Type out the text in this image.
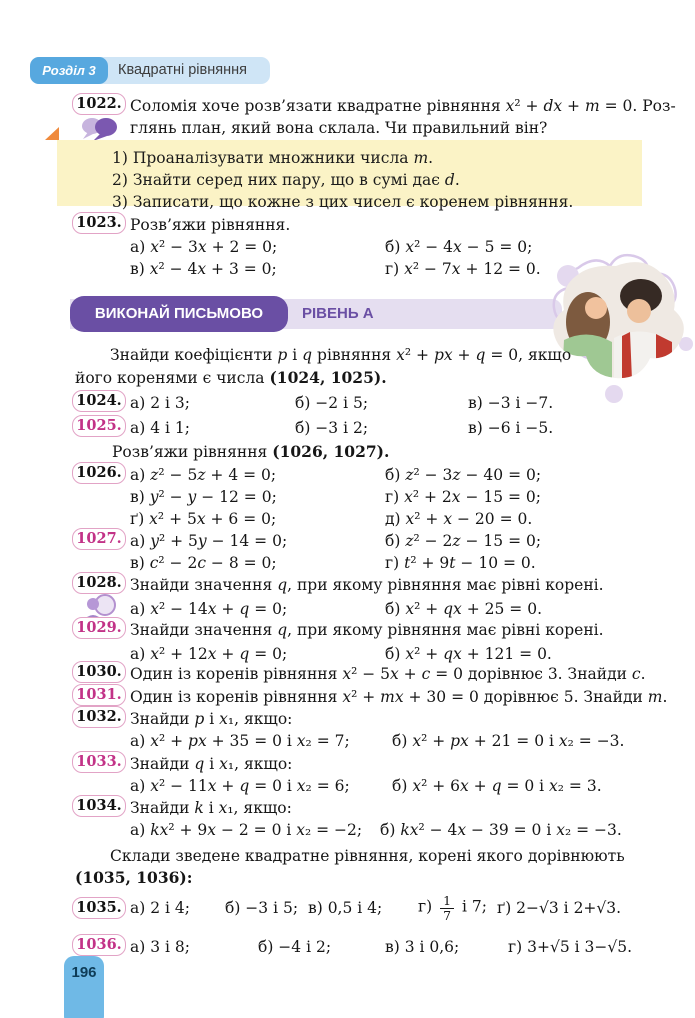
Розділ 3	Квадратні рівняння
1022. Соломія хоче розв’язати квадратне рівняння x² + dx + m = 0. Роз-
глянь план, який вона склала. Чи правильний він?

1) Проаналізувати множники числа m.

2) Знайти серед них пару, що в сумі дає d.

3) Записати, що кожне з цих чисел є коренем рівняння.

1023. Розв’яжи рівняння.
а) x² − 3x + 2 = 0;	б) x² − 4x − 5 = 0;
в) x² − 4x + 3 = 0;	г) x² − 7x + 12 = 0.
ВИКОНАЙ ПИСЬМОВО	РІВЕНЬ А
Знайди коефіцієнти p і q рівняння x² + px + q = 0, якщо
його коренями є числа (1024, 1025).
1024. а) 2 і 3;	б) −2 і 5;	в) −3 і −7.
1025. а) 4 і 1;	б) −3 і 2;	в) −6 і −5.
Розв’яжи рівняння (1026, 1027).
1026. а) z² − 5z + 4 = 0;	б) z² − 3z − 40 = 0;
в) y² − y − 12 = 0;	г) x² + 2x − 15 = 0;
ґ) x² + 5x + 6 = 0;	д) x² + x − 20 = 0.
1027. а) y² + 5y − 14 = 0;	б) z² − 2z − 15 = 0;
в) c² − 2c − 8 = 0;	г) t² + 9t − 10 = 0.
1028. Знайди значення q, при якому рівняння має рівні корені.
а) x² − 14x + q = 0;	б) x² + qx + 25 = 0.
1029. Знайди значення q, при якому рівняння має рівні корені.
а) x² + 12x + q = 0;	б) x² + qx + 121 = 0.
1030. Один із коренів рівняння x² − 5x + c = 0 дорівнює 3. Знайди c.
1031. Один із коренів рівняння x² + mx + 30 = 0 дорівнює 5. Знайди m.
1032. Знайди p і x₁, якщо:
а) x² + px + 35 = 0 і x₂ = 7;	б) x² + px + 21 = 0 і x₂ = −3.
1033. Знайди q і x₁, якщо:
а) x² − 11x + q = 0 і x₂ = 6;	б) x² + 6x + q = 0 і x₂ = 3.
1034. Знайди k і x₁, якщо:
а) kx² + 9x − 2 = 0 і x₂ = −2;	б) kx² − 4x − 39 = 0 і x₂ = −3.
Склади зведене квадратне рівняння, корені якого дорівнюють
(1035, 1036):
1035. а) 2 і 4;	б) −3 і 5; в) 0,5 і 4;	$г) \frac{1}{7}$ і 7; ґ) 2−√3 і 2+√3.
1036. а) 3 і 8;	б) −4 і 2;	в) 3 і 0,6;	г) 3+√5 і 3−√5.
196
